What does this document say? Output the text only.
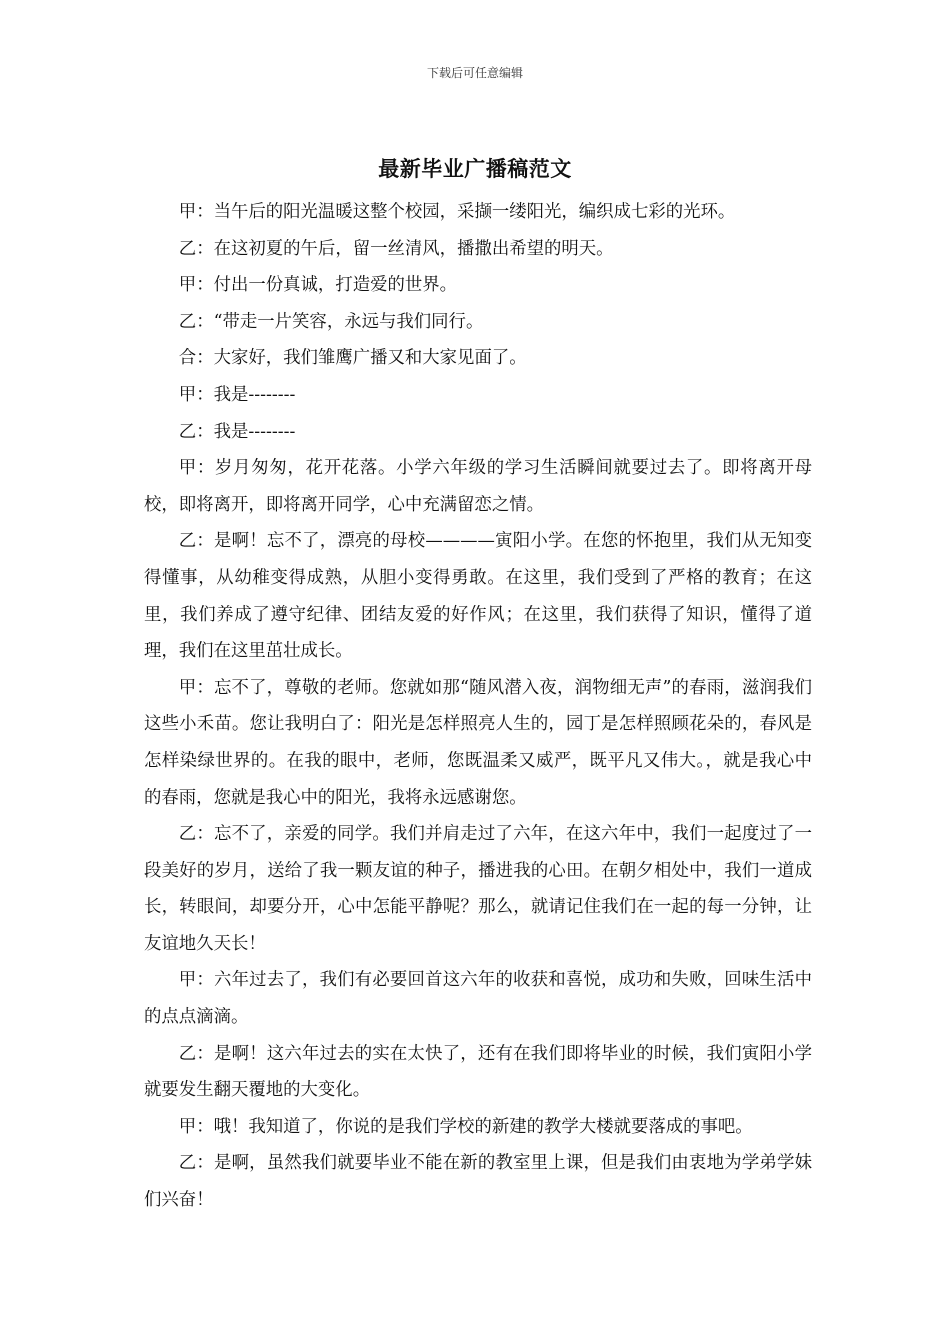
下载后可任意编辑
最新毕业广播稿范文

甲：当午后的阳光温暖这整个校园，采撷一缕阳光，编织成七彩的光环。

乙：在这初夏的午后，留一丝清风，播撒出希望的明天。

甲：付出一份真诚，打造爱的世界。

乙：“带走一片笑容，永远与我们同行。

合：大家好，我们雏鹰广播又和大家见面了。

甲：我是--------

乙：我是--------

甲：岁月匆匆，花开花落。小学六年级的学习生活瞬间就要过去了。即将离开母校，即将离开，即将离开同学，心中充满留恋之情。

乙：是啊！忘不了，漂亮的母校————寅阳小学。在您的怀抱里，我们从无知变得懂事，从幼稚变得成熟，从胆小变得勇敢。在这里，我们受到了严格的教育；在这里，我们养成了遵守纪律、团结友爱的好作风；在这里，我们获得了知识，懂得了道理，我们在这里茁壮成长。

甲：忘不了，尊敬的老师。您就如那“随风潜入夜，润物细无声”的春雨，滋润我们这些小禾苗。您让我明白了：阳光是怎样照亮人生的，园丁是怎样照顾花朵的，春风是怎样染绿世界的。在我的眼中，老师，您既温柔又威严，既平凡又伟大。，就是我心中的春雨，您就是我心中的阳光，我将永远感谢您。

乙：忘不了，亲爱的同学。我们并肩走过了六年，在这六年中，我们一起度过了一段美好的岁月，送给了我一颗友谊的种子，播进我的心田。在朝夕相处中，我们一道成长，转眼间，却要分开，心中怎能平静呢？那么，就请记住我们在一起的每一分钟，让友谊地久天长！

甲：六年过去了，我们有必要回首这六年的收获和喜悦，成功和失败，回味生活中的点点滴滴。

乙：是啊！这六年过去的实在太快了，还有在我们即将毕业的时候，我们寅阳小学就要发生翻天覆地的大变化。

甲：哦！我知道了，你说的是我们学校的新建的教学大楼就要落成的事吧。

乙：是啊，虽然我们就要毕业不能在新的教室里上课，但是我们由衷地为学弟学妹们兴奋！
